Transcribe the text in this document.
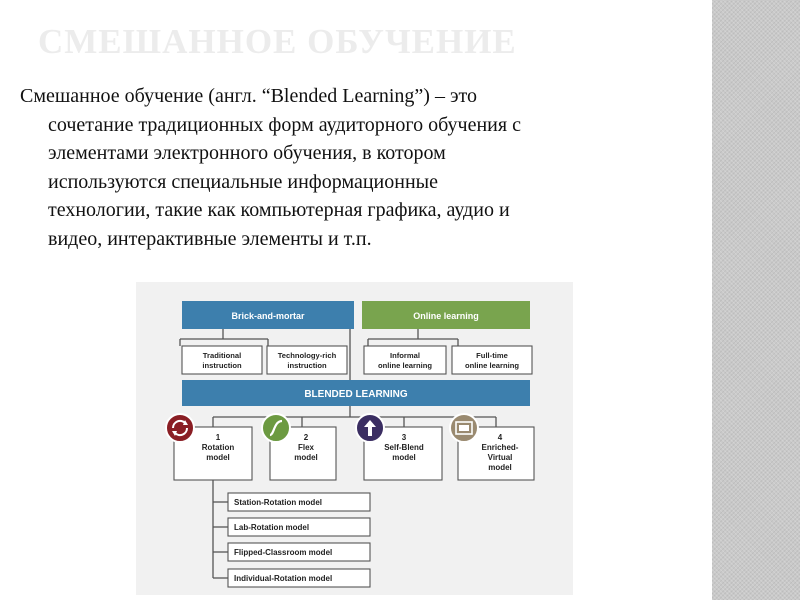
СМЕШАННОЕ ОБУЧЕНИЕ
Смешанное обучение (англ. “Blended Learning”) – это
сочетание традиционных форм аудиторного обучения с
элементами электронного обучения, в котором
используются специальные информационные
технологии, такие как компьютерная графика, аудио и
видео, интерактивные элементы и т.п.
Brick-and-mortar	Online learning
Traditional
instruction
Technology-rich
instruction
Informal
online learning
Full-time
online learning
BLENDED LEARNING
1
Rotation
model
2
Flex
model
3
Self-Blend
model
4
Enriched-
Virtual
model
Station-Rotation model
Lab-Rotation model
Flipped-Classroom model
Individual-Rotation model
